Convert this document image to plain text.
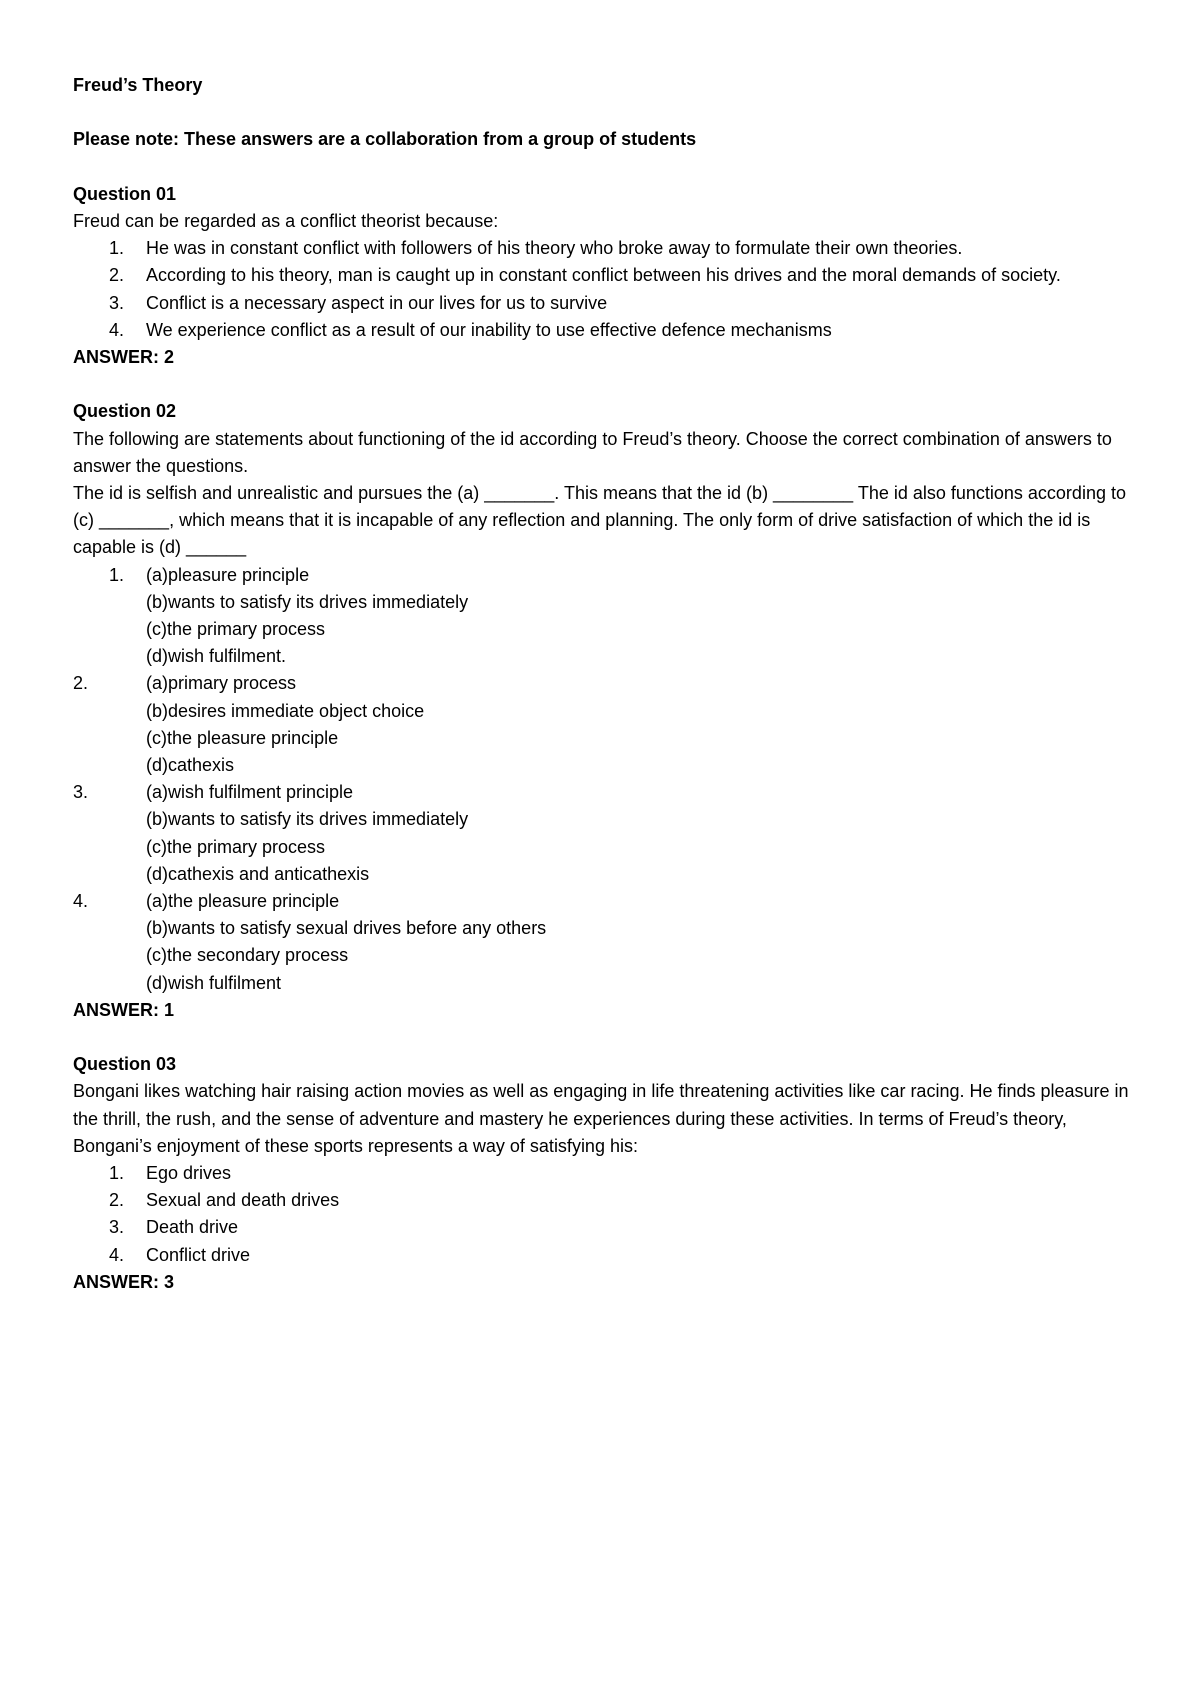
Freud’s Theory

Please note: These answers are a collaboration from a group of students

Question 01

Freud can be regarded as a conflict theorist because:

1. He was in constant conflict with followers of his theory who broke away to formulate their own theories.
2. According to his theory, man is caught up in constant conflict between his drives and the moral demands of society.
3. Conflict is a necessary aspect in our lives for us to survive
4. We experience conflict as a result of our inability to use effective defence mechanisms

ANSWER: 2

Question 02

The following are statements about functioning of the id according to Freud’s theory. Choose the correct combination of answers to answer the questions.

The id is selfish and unrealistic and pursues the (a) _______. This means that the id (b) ________ The id also functions according to (c) _______, which means that it is incapable of any reflection and planning. The only form of drive satisfaction of which the id is capable is (d) ______

1. (a)pleasure principle
(b)wants to satisfy its drives immediately
(c)the primary process
(d)wish fulfilment.
2.	(a)primary process
(b)desires immediate object choice
(c)the pleasure principle
(d)cathexis
3.	(a)wish fulfilment principle
(b)wants to satisfy its drives immediately
(c)the primary process
(d)cathexis and anticathexis
4.	(a)the pleasure principle
(b)wants to satisfy sexual drives before any others
(c)the secondary process
(d)wish fulfilment

ANSWER: 1

Question 03

Bongani likes watching hair raising action movies as well as engaging in life threatening activities like car racing. He finds pleasure in the thrill, the rush, and the sense of adventure and mastery he experiences during these activities. In terms of Freud’s theory, Bongani’s enjoyment of these sports represents a way of satisfying his:

1. Ego drives
2. Sexual and death drives
3. Death drive
4. Conflict drive

ANSWER: 3
